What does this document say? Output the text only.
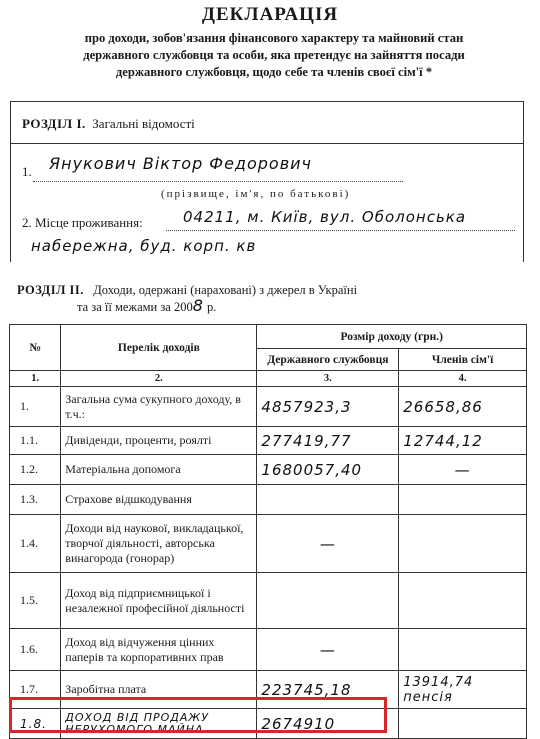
ДЕКЛАРАЦІЯ
про доходи, зобов'язання фінансового характеру та майновий стан
державного службовця та особи, яка претендує на зайняття посади
державного службовця, щодо себе та членів своєї сім'ї *
РОЗДІЛ І. Загальні відомості
1. Янукович Віктор Федорович
(прізвище, ім'я, по батькові)
2. Місце проживання:	04211, м. Київ, вул. Оболонська
набережна, буд. корп. кв
РОЗДІЛ ІІ. Доходи, одержані (нараховані) з джерел в Україні
та за її межами за 2008 р.
№	Перелік доходів	Розмір доходу (грн.)	
		Державного службовця	Членів сім'ї
1.	2.	3.	4.
1.	Загальна сума сукупного доходу, в т.ч.:	4857923,3	26658,86
1.1.	Дивіденди, проценти, роялті	277419,77	12744,12
1.2.	Матеріальна допомога	1680057,40	—
1.3.	Страхове відшкодування		
1.4.	Доходи від наукової, викладацької, творчої діяльності, авторська винагорода (гонорар)	—	
1.5.	Доход від підприємницької і незалежної професійної діяльності		
1.6.	Доход від відчуження цінних паперів та корпоративних прав	—	
1.7.	Заробітна плата	223745,18	13914,74 пенсія
1.8.	ДОХОД ВІД ПРОДАЖУ НЕРУХОМОГО МАЙНА	2674910	
